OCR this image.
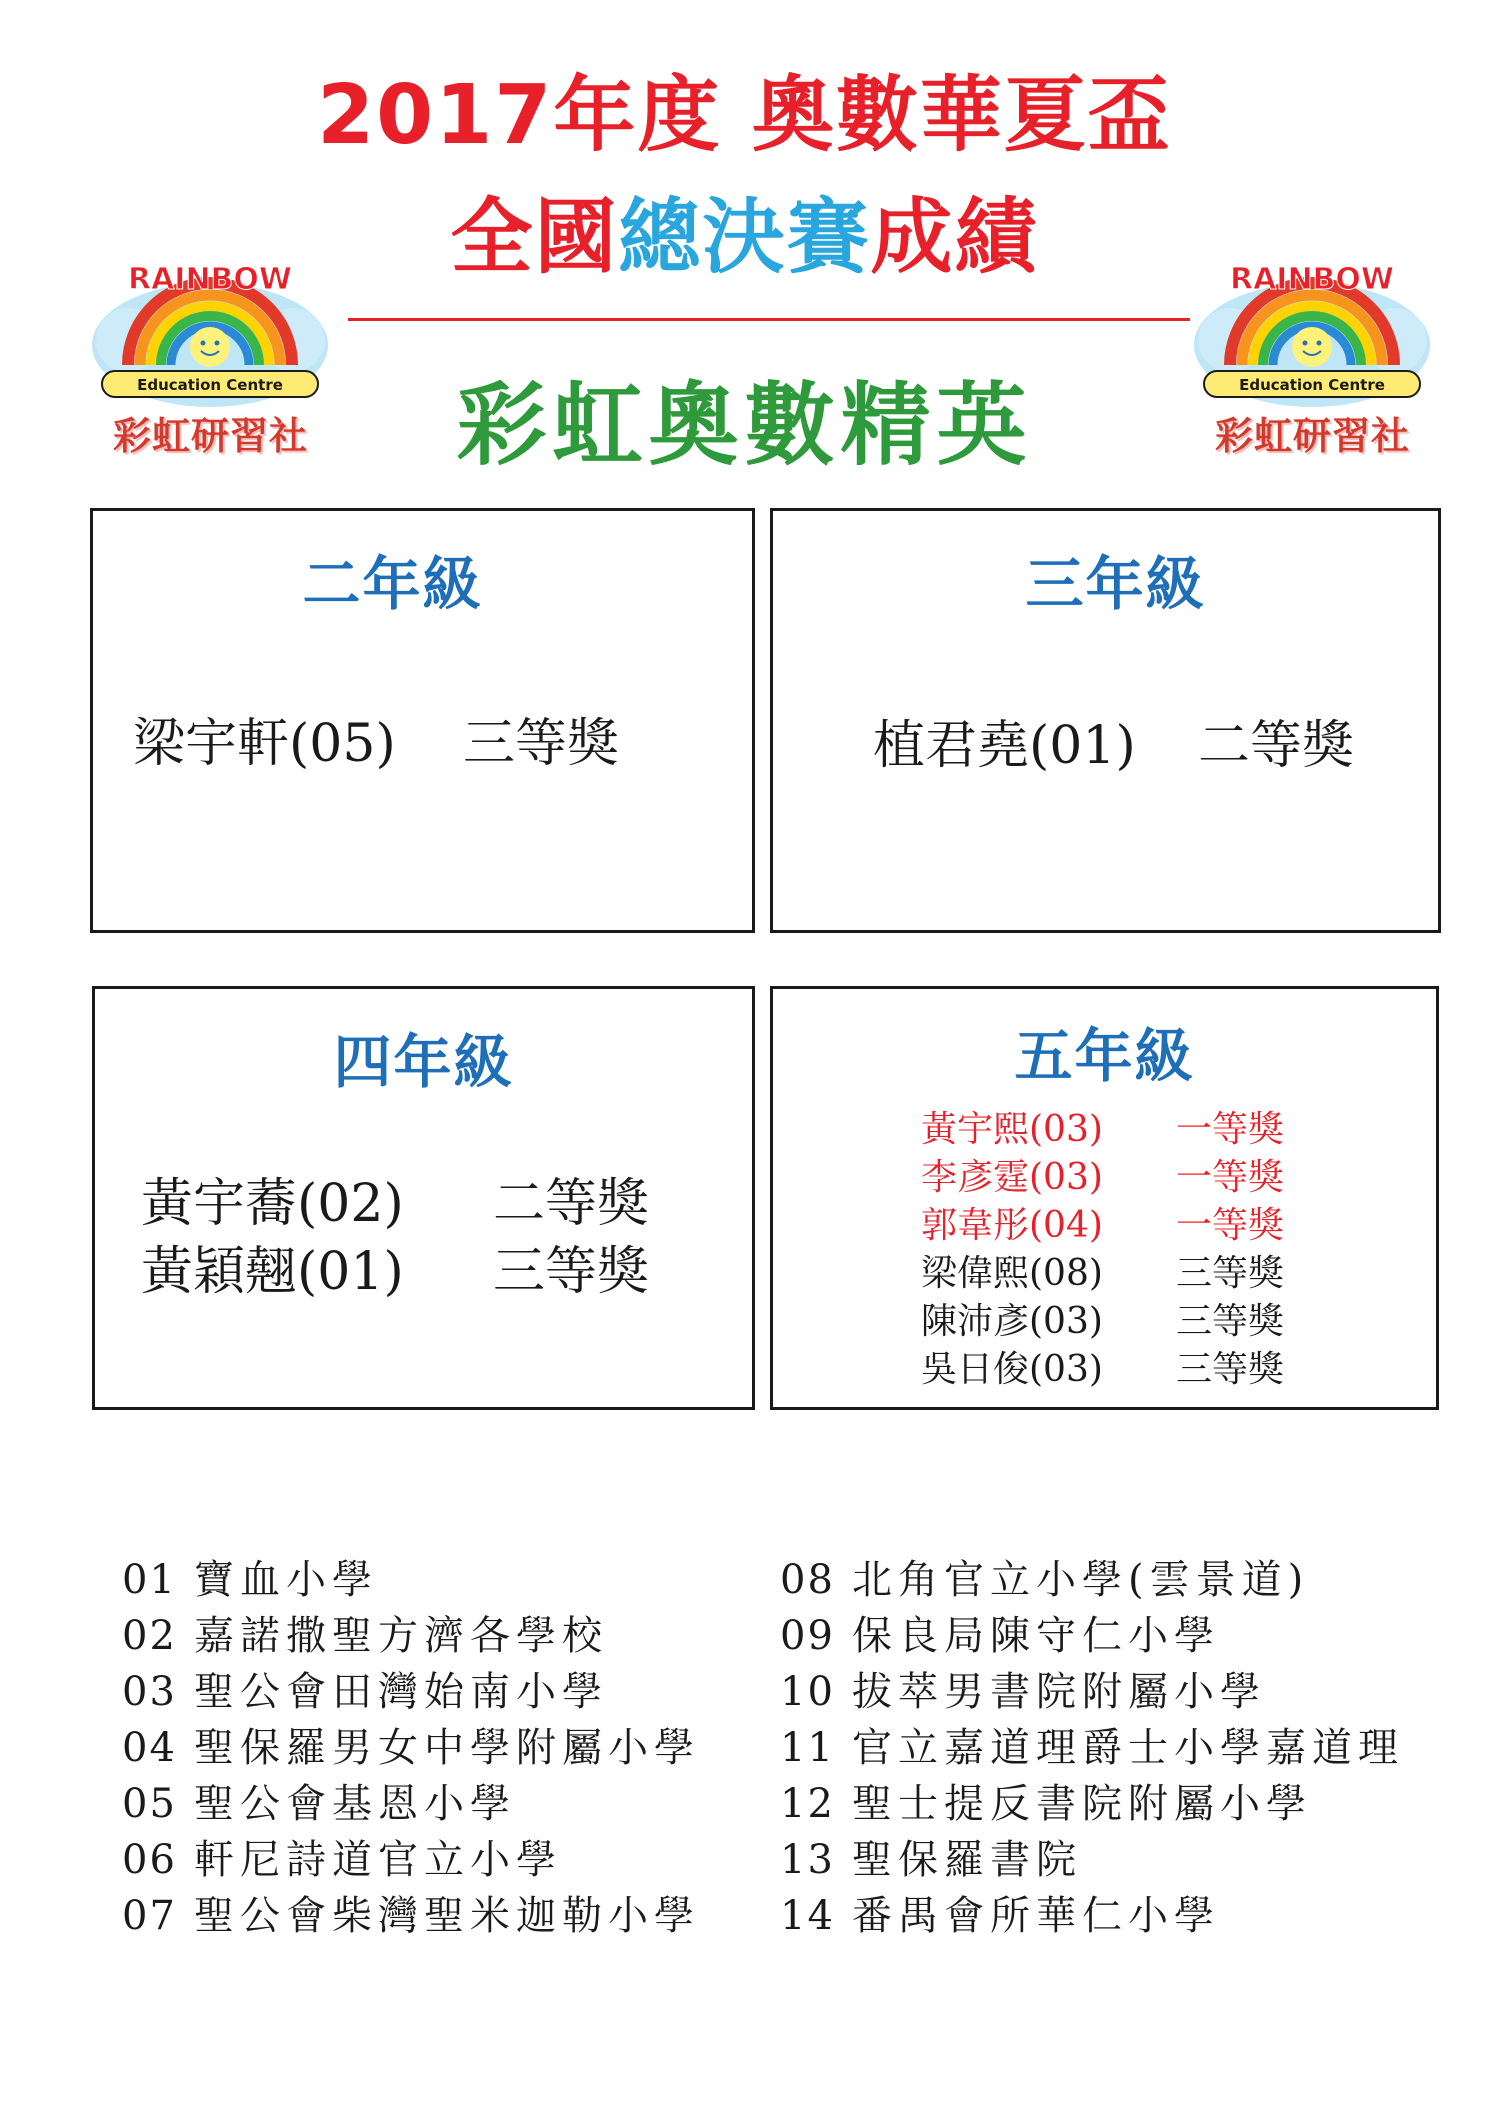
2017年度 奧數華夏盃
全國總決賽成績
彩虹奧數精英
RAINBOW
Education Centre
彩虹研習社
RAINBOW
Education Centre
彩虹研習社
二年級
梁宇軒(05) 三等獎
三年級
植君堯(01) 二等獎
四年級
黃宇蕎(02) 二等獎
黃穎翹(01) 三等獎
五年級
黃宇熙(03) 一等獎
李彥霆(03) 一等獎
郭韋彤(04) 一等獎
梁偉熙(08) 三等獎
陳沛彥(03) 三等獎
吳日俊(03) 三等獎
01 寶血小學
02 嘉諾撒聖方濟各學校
03 聖公會田灣始南小學
04 聖保羅男女中學附屬小學
05 聖公會基恩小學
06 軒尼詩道官立小學
07 聖公會柴灣聖米迦勒小學
08 北角官立小學(雲景道)
09 保良局陳守仁小學
10 拔萃男書院附屬小學
11 官立嘉道理爵士小學嘉道理
12 聖士提反書院附屬小學
13 聖保羅書院
14 番禺會所華仁小學
